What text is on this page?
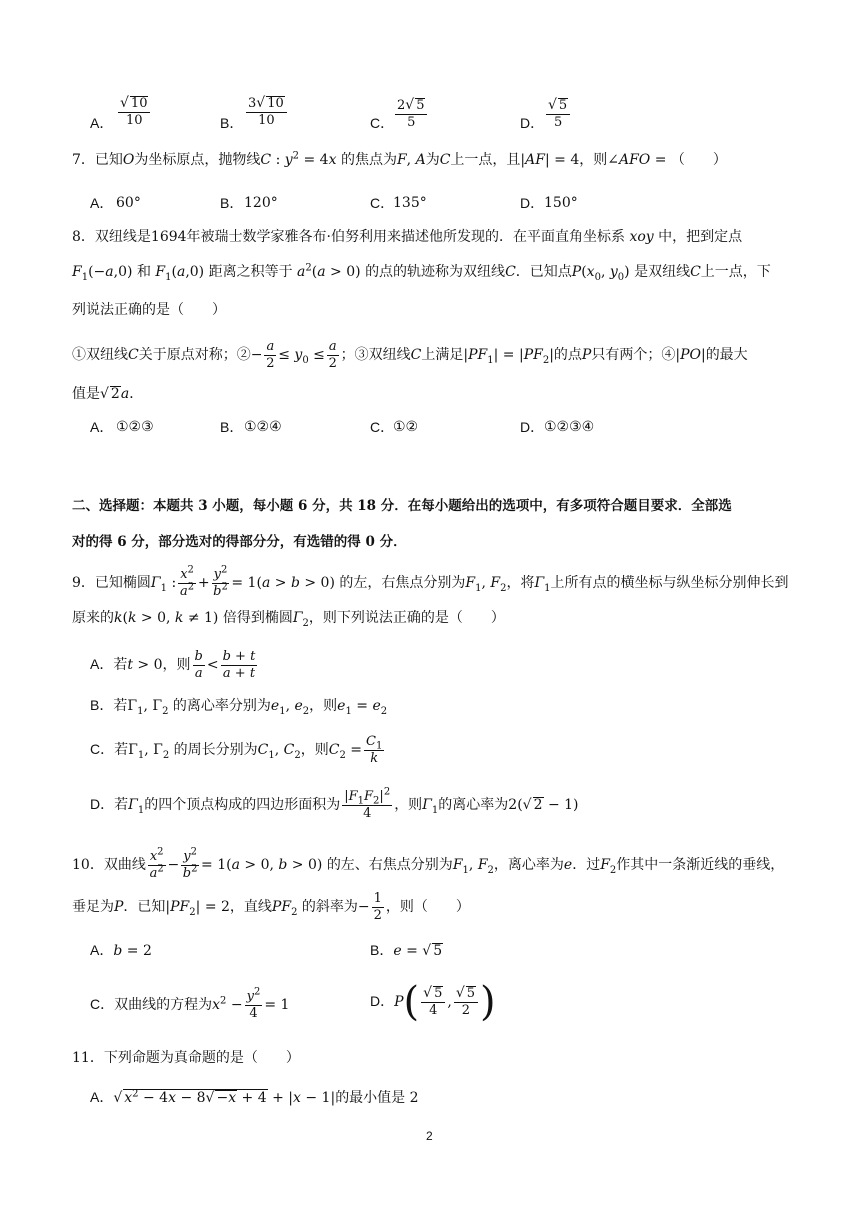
A． $\frac{√ 10}{10}$	B． $\frac{3√ 10}{10}$	C． $\frac{2√ 5}{5}$	D． $\frac{√ 5}{5}$
7．已知O为坐标原点，抛物线C : $y^2 = 4x$ 的焦点为F, A为C上一点，且|AF| = 4，则∠AFO = （　　）
A． 60°	B． 120°	C．
135°	D． 150°
8．双纽线是1694年被瑞士数学家雅各布·伯努利用来描述他所发现的．在平面直角坐标系 xoy 中，把到定点
$F_1(-a,0)$ 和 $F_1(a,0)$ 距离之积等于 $a^2(a > 0)$ 的点的轨迹称为双纽线C．已知点$P(x_0$, $y_0$) 是双纽线C上一点，下
列说法正确的是（　　）
①双纽线C关于原点对称；②− $\frac{a}{2} \le y_0 \le \frac{a}{2}$ ；③双纽线C上满足$|PF_1| = |PF_2|$的点P只有两个；④|PO|的最大
值是√ 2a．
A． ①②③	B． ①②④	C．
①②	D． ①②③④
二、选择题：本题共 3 小题，每小题 6 分，共 18 分．在每小题给出的选项中，有多项符合题目要求．全部选
对的得 6 分，部分选对的得部分分，有选错的得 0 分．
9．已知椭圆$\Gamma_1$ : $\frac{x^2}{a^2} + \frac{y^2}{b^2} = 1(a > b > 0)$ 的左，右焦点分别为$F_1$, $F_2$，将$\Gamma_1$上所有点的横坐标与纵坐标分别伸长到
原来的k(k > 0, k ≠ 1) 倍得到椭圆$\Gamma_2$，则下列说法正确的是（　　）
A．若t > 0，则 $\frac{b}{a} < \frac{b + t}{a + t}$
B．若$\Gamma_1$, $\Gamma_2$ 的离心率分别为$e_1$, $e_2$，则$e_1 = e_2$
C．若$\Gamma_1$, $\Gamma_2$ 的周长分别为$C_1$, $C_2$，则$C_2 = \frac{C_1}{k}$
D．若$\Gamma_1$的四个顶点构成的四边形面积为 $\frac{|F_1F_2|^2}{4}$ ，则$\Gamma_1$的离心率为2(√ 2 − 1)
10．双曲线 $\frac{x^2}{a^2} - \frac{y^2}{b^2} = 1(a > 0$, b > 0) 的左、右焦点分别为$F_1$, $F_2$，离心率为e．过$F_2$作其中一条渐近线的垂线，
垂足为P．已知$|PF_2| = 2$，直线$PF_2$ 的斜率为− $\frac{1}{2}$ ，则（　　）
A．b = 2	B．e = √ 5
C．双曲线的方程为$x^2 - \frac{y^2}{4} = 1$	D．$P( \frac{√ 5}{4}$ , $\frac{√ 5}{2}$ )
11．下列命题为真命题的是（　　）
A．√ $x^2 - 4x - 8√ -x + 4 + |x - 1|$的最小值是 2
2
